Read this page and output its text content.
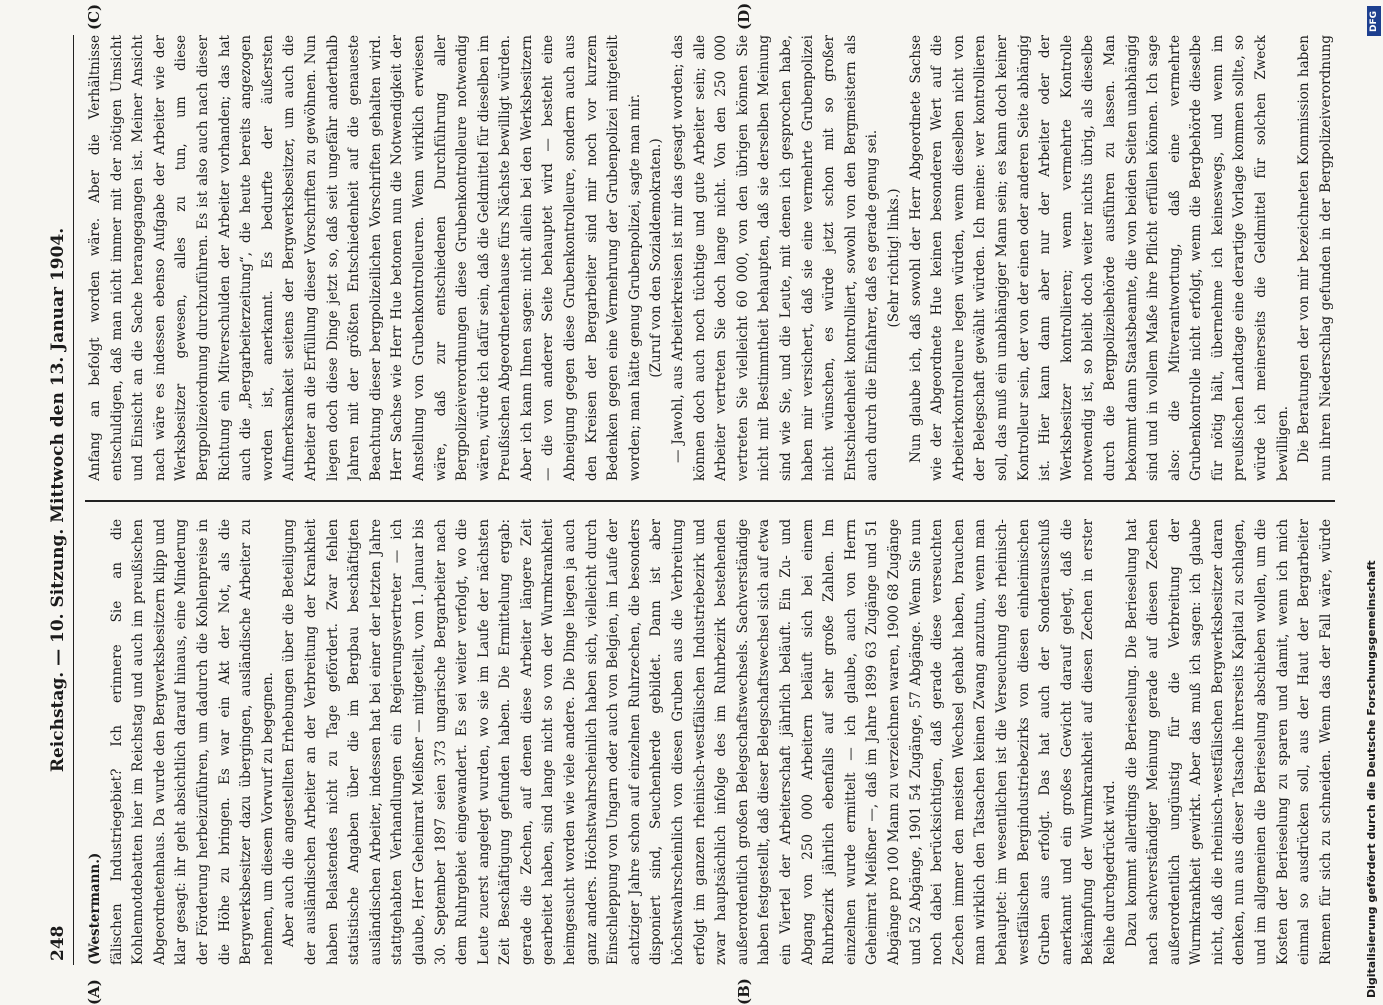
248
Reichstag. — 10. Sitzung. Mittwoch den 13. Januar 1904.
(A)	(B)
(C)	(D)

(Westermann.) fälischen Industriegebiet? Ich erinnere Sie an die Kohlennotdebatten hier im Reichstag und auch im preußischen Abgeordnetenhaus. Da wurde den Bergwerksbesitzern klipp und klar gesagt: ihr geht absichtlich darauf hinaus, eine Minderung der Förderung herbeizuführen, um dadurch die Kohlenpreise in die Höhe zu bringen. Es war ein Akt der Not, als die Bergwerksbesitzer dazu übergingen, ausländische Arbeiter zu nehmen, um diesem Vorwurf zu begegnen. Aber auch die angestellten Erhebungen über die Beteiligung der ausländischen Arbeiter an der Verbreitung der Krankheit haben Belastendes nicht zu Tage gefördert. Zwar fehlen statistische Angaben über die im Bergbau beschäftigten ausländischen Arbeiter, indessen hat bei einer der letzten Jahre stattgehabten Verhandlungen ein Regierungsvertreter — ich glaube, Herr Geheimrat Meißner — mitgeteilt, vom 1. Januar bis 30. September 1897 seien 373 ungarische Bergarbeiter nach dem Ruhrgebiet eingewandert. Es sei weiter verfolgt, wo die Leute zuerst angelegt wurden, wo sie im Laufe der nächsten Zeit Beschäftigung gefunden haben. Die Ermittelung ergab: gerade die Zechen, auf denen diese Arbeiter längere Zeit gearbeitet haben, sind lange nicht so von der Wurmkrankheit heimgesucht worden wie viele andere. Die Dinge liegen ja auch ganz anders. Höchstwahrscheinlich haben sich, vielleicht durch Einschleppung von Ungarn oder auch von Belgien, im Laufe der achtziger Jahre schon auf einzelnen Ruhrzechen, die besonders disponiert sind, Seuchenherde gebildet. Dann ist aber höchstwahrscheinlich von diesen Gruben aus die Verbreitung erfolgt im ganzen rheinisch-westfälischen Industriebezirk und zwar hauptsächlich infolge des im Ruhrbezirk bestehenden außerordentlich großen Belegschaftswechsels. Sachverständige haben festgestellt, daß dieser Belegschaftswechsel sich auf etwa ein Viertel der Arbeiterschaft jährlich beläuft. Ein Zu- und Abgang von 250 000 Arbeitern beläuft sich bei einem Ruhrbezirk jährlich ebenfalls auf sehr große Zahlen. Im einzelnen wurde ermittelt — ich glaube, auch von Herrn Geheimrat Meißner —, daß im Jahre 1899 63 Zugänge und 51 Abgänge pro 100 Mann zu verzeichnen waren, 1900 68 Zugänge und 52 Abgänge, 1901 54 Zugänge, 57 Abgänge. Wenn Sie nun noch dabei berücksichtigen, daß gerade diese verseuchten Zechen immer den meisten Wechsel gehabt haben, brauchen man wirklich den Tatsachen keinen Zwang anzutun, wenn man behauptet: im wesentlichen ist die Verseuchung des rheinisch-westfälischen Bergindustriebezirks von diesen einheimischen Gruben aus erfolgt. Das hat auch der Sonderausschuß anerkannt und ein großes Gewicht darauf gelegt, daß die Bekämpfung der Wurmkrankheit auf diesen Zechen in erster Reihe durchgedrückt wird. Dazu kommt allerdings die Berieselung. Die Berieselung hat nach sachverständiger Meinung gerade auf diesen Zechen außerordentlich ungünstig für die Verbreitung der Wurmkrankheit gewirkt. Aber das muß ich sagen: ich glaube nicht, daß die rheinisch-westfälischen Bergwerksbesitzer daran denken, nun aus dieser Tatsache ihrerseits Kapital zu schlagen, und im allgemeinen die Berieselung abschieben wollen, um die Kosten der Berieselung zu sparen und damit, wenn ich mich einmal so ausdrücken soll, aus der Haut der Bergarbeiter Riemen für sich zu schneiden. Wenn das der Fall wäre, würde

Anfang an befolgt worden wäre. Aber die Verhältnisse entschuldigen, daß man nicht immer mit der nötigen Umsicht und Einsicht an die Sache herangegangen ist. Meiner Ansicht nach wäre es indessen ebenso Aufgabe der Arbeiter wie der Werksbesitzer gewesen, alles zu tun, um diese Bergpolizeiordnung durchzuführen. Es ist also auch nach dieser Richtung ein Mitverschulden der Arbeiter vorhanden; das hat auch die „Bergarbeiterzeitung“, die heute bereits angezogen worden ist, anerkannt. Es bedurfte der äußersten Aufmerksamkeit seitens der Bergwerksbesitzer, um auch die Arbeiter an die Erfüllung dieser Vorschriften zu gewöhnen. Nun liegen doch diese Dinge jetzt so, daß seit ungefähr anderthalb Jahren mit der größten Entschiedenheit auf die genaueste Beachtung dieser bergpolizeilichen Vorschriften gehalten wird. Herr Sachse wie Herr Hue betonen nun die Notwendigkeit der Anstellung von Grubenkontrolleuren. Wenn wirklich erwiesen wäre, daß zur entschiedenen Durchführung aller Bergpolizeiverordnungen diese Grubenkontrolleure notwendig wären, würde ich dafür sein, daß die Geldmittel für dieselben im Preußischen Abgeordnetenhause fürs Nächste bewilligt würden. Aber ich kann Ihnen sagen: nicht allein bei den Werksbesitzern — die von anderer Seite behauptet wird — besteht eine Abneigung gegen diese Grubenkontrolleure, sondern auch aus den Kreisen der Bergarbeiter sind mir noch vor kurzem Bedenken gegen eine Vermehrung der Grubenpolizei mitgeteilt worden; man hätte genug Grubenpolizei, sagte man mir. (Zuruf von den Sozialdemokraten.) — Jawohl, aus Arbeiterkreisen ist mir das gesagt worden; das können doch auch noch tüchtige und gute Arbeiter sein; alle Arbeiter vertreten Sie doch lange nicht. Von den 250 000 vertreten Sie vielleicht 60 000, von den übrigen können Sie nicht mit Bestimmtheit behaupten, daß sie derselben Meinung sind wie Sie, und die Leute, mit denen ich gesprochen habe, haben mir versichert, daß sie eine vermehrte Grubenpolizei nicht wünschen, es würde jetzt schon mit so großer Entschiedenheit kontrolliert, sowohl von den Bergmeistern als auch durch die Einfahrer, daß es gerade genug sei. (Sehr richtig! links.) Nun glaube ich, daß sowohl der Herr Abgeordnete Sachse wie der Abgeordnete Hue keinen besonderen Wert auf die Arbeiterkontrolleure legen würden, wenn dieselben nicht von der Belegschaft gewählt würden. Ich meine: wer kontrollieren soll, das muß ein unabhängiger Mann sein; es kann doch keiner Kontrolleur sein, der von der einen oder anderen Seite abhängig ist. Hier kann dann aber nur der Arbeiter oder der Werksbesitzer kontrollieren; wenn vermehrte Kontrolle notwendig ist, so bleibt doch weiter nichts übrig, als dieselbe durch die Bergpolizeibehörde ausführen zu lassen. Man bekommt dann Staatsbeamte, die von beiden Seiten unabhängig sind und in vollem Maße ihre Pflicht erfüllen können. Ich sage also: die Mitverantwortung, daß eine vermehrte Grubenkontrolle nicht erfolgt, wenn die Bergbehörde dieselbe für nötig hält, übernehme ich keineswegs, und wenn im preußischen Landtage eine derartige Vorlage kommen sollte, so würde ich meinerseits die Geldmittel für solchen Zweck bewilligen. Die Beratungen der von mir bezeichneten Kommission haben nun ihren Niederschlag gefunden in der Bergpolizeiverordnung

Digitalisierung gefördert durch die Deutsche Forschungsgemeinschaft
DFG
